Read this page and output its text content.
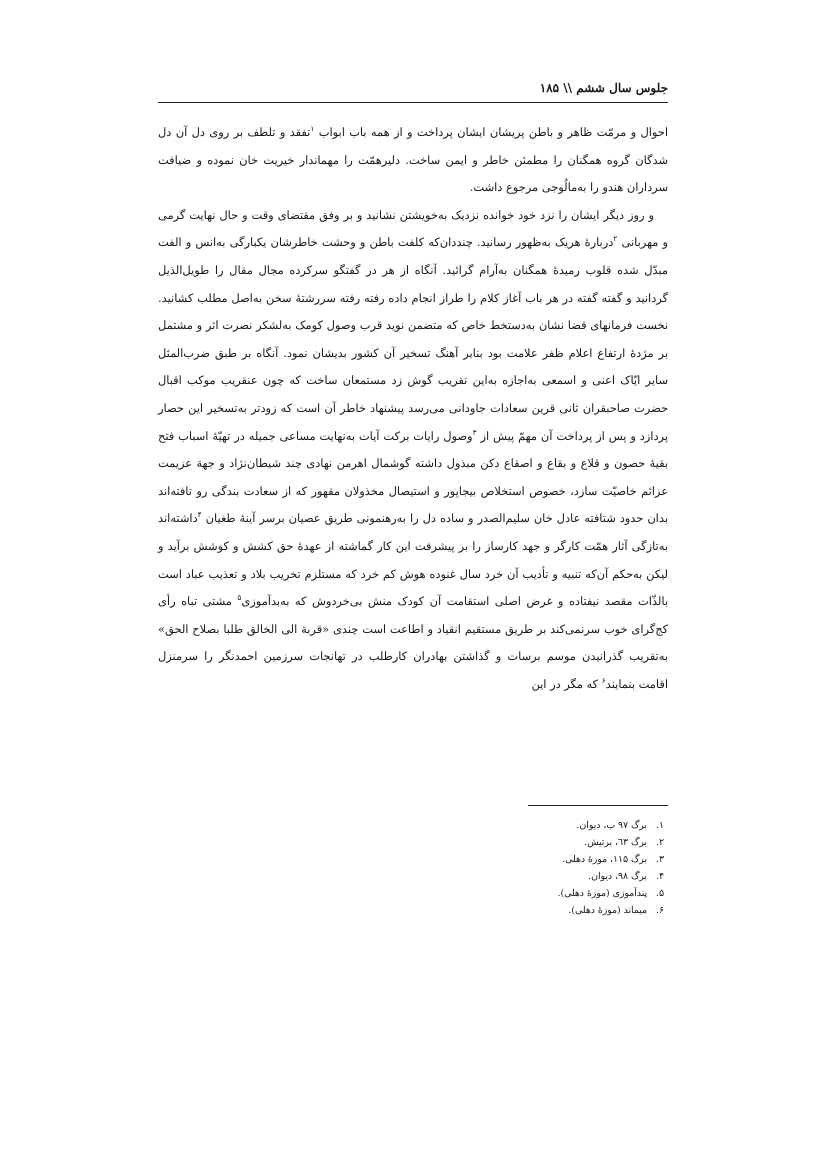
جلوس سال ششم \\ ۱۸۵

احوال و مرمّت ظاهر و باطن پریشان ایشان پرداخت و از همه باب ابواب $^۱$تفقد و تلطف بر روی دل آن دل شدگان گروه همگنان را مطمئن خاطر و ایمن ساخت. دلیرهمّت را مهماندار خیریت خان نموده و ضیافت سرداران هندو را به‌مالُوجی مرجوع داشت.

و روز دیگر ایشان را نزد خود خوانده نزدیک به‌خویشتن نشانید و بر وفق مقتضای وقت و حال نهایت گرمی و مهربانی $^۲$دربارهٔ هریک به‌ظهور رسانید. چنددان‌که کلفت باطن و وحشت خاطرشان یکبارگی به‌انس و الفت مبدّل شده قلوب رمیدهٔ همگنان به‌آرام گرائید. آنگاه از هر در گفتگو سرکرده مجال مقال را طویل‌الذیل گردانید و گفته گفته در هر باب آغاز کلام را طراز انجام داده رفته رفته سررشتهٔ سخن به‌اصل مطلب کشانید. نخست فرمانهای قضا نشان به‌دستخط خاص که متضمن نوید قرب وصول کومک به‌لشکر نصرت اثر و مشتمل بر مژدهٔ ارتفاع اعلام ظفر علامت بود بنابر آهنگ تسخیر آن کشور بدیشان نمود. آنگاه بر طبق ضرب‌المثل سایر ایّاک اعنی و اسمعی به‌اجازه به‌این تقریب گوش زد مستمعان ساخت که چون عنقریب موکب اقبال حضرت صاحبقران ثانی قرین سعادات جاودانی می‌رسد پیشنهاد خاطر آن است که زودتر به‌تسخیر این حصار پردازد و پس از پرداخت آن مهمّ پیش از $^۳$وصول رایات برکت آیات به‌نهایت مساعی جمیله در تهیّهٔ اسباب فتح بقیهٔ حصون و قلاع و بقاع و اصقاع دکن مبذول داشته گوشمال اهرمن نهادی چند شیطان‌نژاد و جهة عزیمت عزائم خاصیّت سازد، خصوص استخلاص بیجاپور و استیصال مخذولان مقهور که از سعادت بندگی رو تافته‌اند بدان حدود شتافته عادل خان سلیم‌الصدر و ساده دل را به‌رهنمونی طریق عصیان برسر آینهٔ طغیان $^۴$داشته‌اند به‌تازگی آثار همّت کارگر و جهد کارساز را بر پیشرفت این کار گماشته از عهدهٔ حق کشش و کوشش برآید و لیکن به‌حکم آن‌که تنبیه و تأدیب آن خرد سال غنوده هوش کم خرد که مستلزم تخریب بلاد و تعذیب عباد است بالذّات مقصد نیفتاده و غرض اصلی استقامت آن کودک منش بی‌خردوش که به‌بدآموزی$^۵$ مشتی تباه رأی کج‌گرای خوب سرنمی‌کند بر طریق مستقیم انقیاد و اطاعت است چندی «قربة الی الخالق طلبا بصلاح الحق» به‌تقریب گذرانیدن موسم برسات و گذاشتن بهادران کارطلب در تهانجات سرزمین احمدنگر را سرمنزل اقامت بنمایند$^۶$ که مگر در این

۱. برگ ۹۷ ب، دیوان.
۲. برگ ٦٣، برتیش.
۳. برگ ۱۱۵، موزهٔ دهلی.
۴. برگ ۹۸، دیوان.
۵. پندآموزی (موزهٔ دهلی).
۶. میماند (موزهٔ دهلی).
